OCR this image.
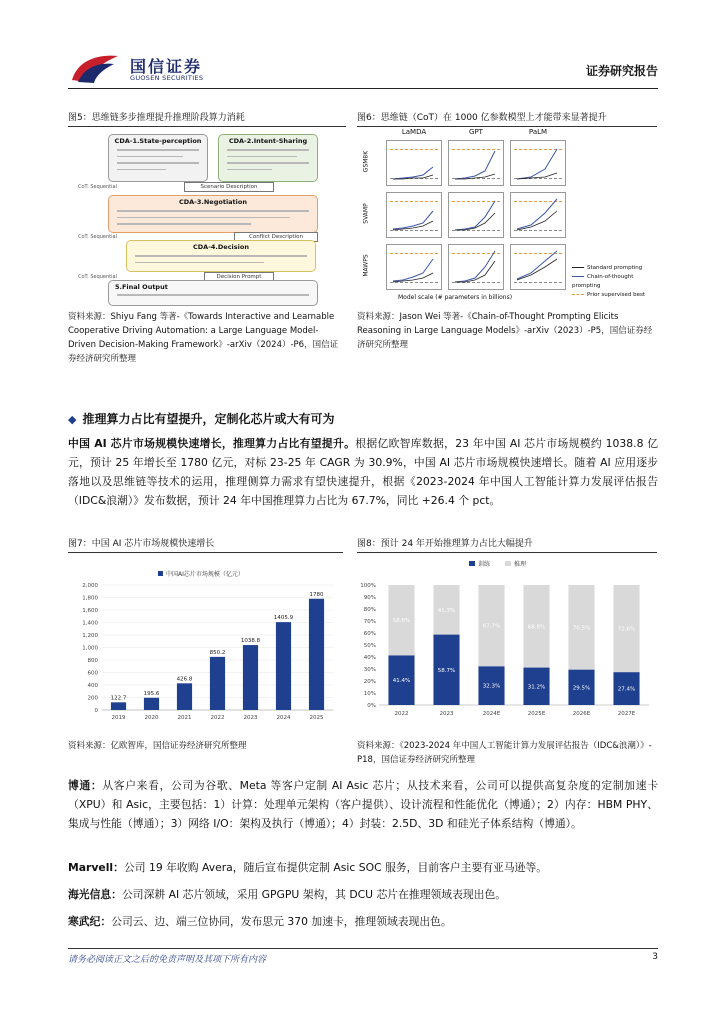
国信证券
GUOSEN SECURITIES	证券研究报告
图5：思维链多步推理提升推理阶段算力消耗
CDA-1.State-perception	CDA-2.Intent-Sharing
CoT: Sequential	Scenario Description
CDA-3.Negotiation
CoT: Sequential	Conflict Description
CDA-4.Decision
CoT: Sequential	Decision Prompt
5.Final Output
图6：思维链（CoT）在 1000 亿参数模型上才能带来显著提升
LaMDA	GPT	PaLM
GSM8K
SVAMP
MAWPS	Standard prompting
Chain-of-thought prompting
Prior supervised best
Model scale (# parameters in billions)
资料来源：Shiyu Fang 等著-《Towards Interactive and Learnable Cooperative Driving Automation: a Large Language Model-Driven Decision-Making Framework》-arXiv（2024）-P6，国信证券经济研究所整理
资料来源：Jason Wei 等著-《Chain-of-Thought Prompting Elicits Reasoning in Large Language Models》-arXiv（2023）-P5，国信证券经济研究所整理
◆ 推理算力占比有望提升，定制化芯片或大有可为
中国 AI 芯片市场规模快速增长，推理算力占比有望提升。根据亿欧智库数据，23 年中国 AI 芯片市场规模约 1038.8 亿元，预计 25 年增长至 1780 亿元，对标 23-25 年 CAGR 为 30.9%，中国 AI 芯片市场规模快速增长。随着 AI 应用逐步落地以及思维链等技术的运用，推理侧算力需求有望快速提升，根据《2023-2024 年中国人工智能计算力发展评估报告（IDC&浪潮）》发布数据，预计 24 年中国推理算力占比为 67.7%，同比 +26.4 个 pct。
图7：中国 AI 芯片市场规模快速增长
中国AI芯片市场规模（亿元）
0
200
400
600
800
1,000
1,200
1,400
1,600
1,800
2,000
122.7
2019
195.6
2020
426.8
2021
850.2
2022
1038.8
2023
1405.9
2024
1780
2025
资料来源：亿欧智库，国信证券经济研究所整理
图8：预计 24 年开始推理算力占比大幅提升
训练	推理
0%
10%
20%
30%
40%
50%
60%
70%
80%
90%
100%
41.4%
58.6%
2022
58.7%
41.3%
2023
32.3%
67.7%
2024E
31.2%
68.8%
2025E
29.5%
70.5%
2026E
27.4%
72.6%
2027E
资料来源：《2023-2024 年中国人工智能计算力发展评估报告（IDC&浪潮）》-P18，国信证券经济研究所整理
博通：从客户来看，公司为谷歌、Meta 等客户定制 AI Asic 芯片；从技术来看，公司可以提供高复杂度的定制加速卡（XPU）和 Asic，主要包括：1）计算：处理单元架构（客户提供）、设计流程和性能优化（博通）；2）内存：HBM PHY、集成与性能（博通）；3）网络 I/O：架构及执行（博通）；4）封装：2.5D、3D 和硅光子体系结构（博通）。
Marvell：公司 19 年收购 Avera，随后宣布提供定制 Asic SOC 服务，目前客户主要有亚马逊等。
海光信息：公司深耕 AI 芯片领域，采用 GPGPU 架构，其 DCU 芯片在推理领域表现出色。
寒武纪：公司云、边、端三位协同，发布思元 370 加速卡，推理领域表现出色。
请务必阅读正文之后的免责声明及其项下所有内容	3
